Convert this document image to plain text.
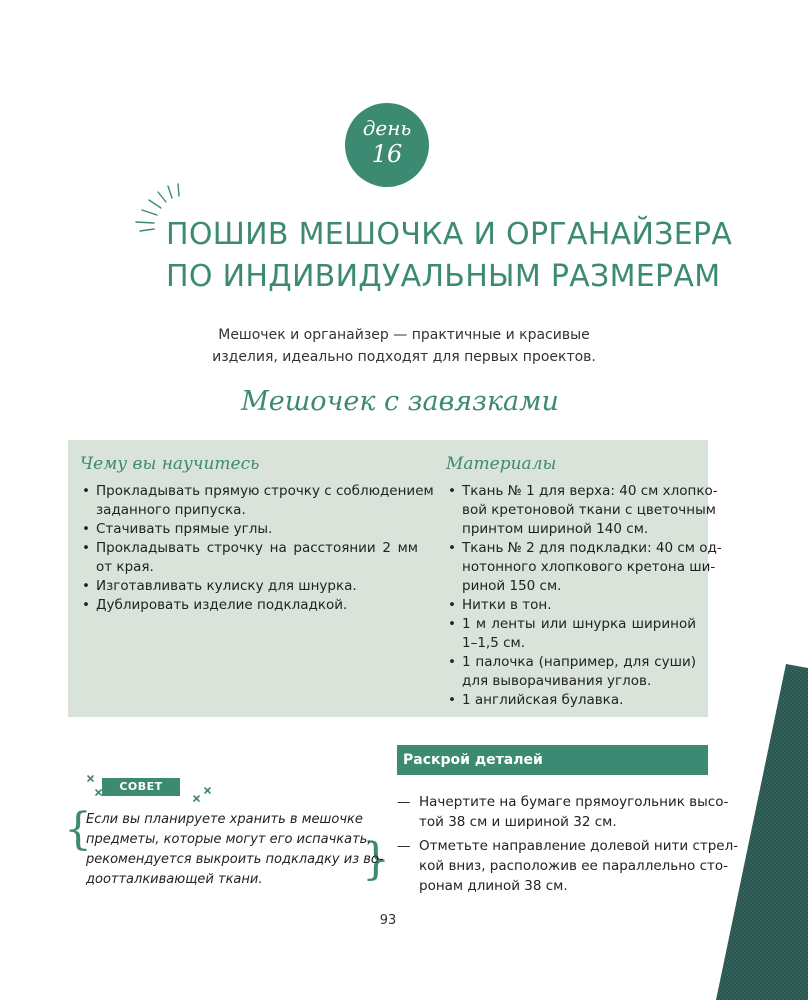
день
16
ПОШИВ МЕШОЧКА И ОРГАНАЙЗЕРА
ПО ИНДИВИДУАЛЬНЫМ РАЗМЕРАМ
Мешочек и органайзер — практичные и красивые
изделия, идеально подходят для первых проектов.
Мешочек с завязками
Чему вы научитесь
• Прокладывать прямую строчку с соблюдением
заданного припуска.
• Стачивать прямые углы.
• Прокладывать строчку на расстоянии 2 мм
от края.
• Изготавливать кулиску для шнурка.
• Дублировать изделие подкладкой.
Материалы
• Ткань № 1 для верха: 40 см хлопко-
вой кретоновой ткани с цветочным
принтом шириной 140 см.
• Ткань № 2 для подкладки: 40 см од-
нотонного хлопкового кретона ши-
риной 150 см.
• Нитки в тон.
• 1 м ленты или шнурка шириной
1–1,5 см.
• 1 палочка (например, для суши)
для выворачивания углов.
• 1 английская булавка.
СОВЕТ
{
}
Если вы планируете хранить в мешочке
предметы, которые могут его испачкать,
рекомендуется выкроить подкладку из во-
доотталкивающей ткани.
Раскрой деталей
— Начертите на бумаге прямоугольник высо-
той 38 см и шириной 32 см.
— Отметьте направление долевой нити стрел-
кой вниз, расположив ее параллельно сто-
ронам длиной 38 см.
93
